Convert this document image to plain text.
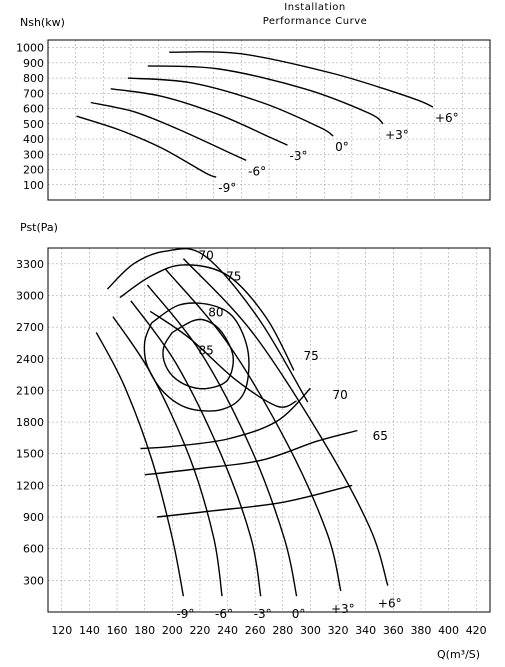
Installation
Performance Curve
Nsh(kw)
Pst(Pa)
Q(m³/S)
100
200
300
400
500
600
700
800
900
1000
-9°
-6°
-3°
0°
+3°
+6°
120 140 160 180 200 220 240 260 280 300 320 340 360 380 400 420
300
600
900
1200
1500
1800
2100
2400
2700
3000
3300
-9° -6° -3° 0° +3° +6°
70
75
80
85	75
70
65
